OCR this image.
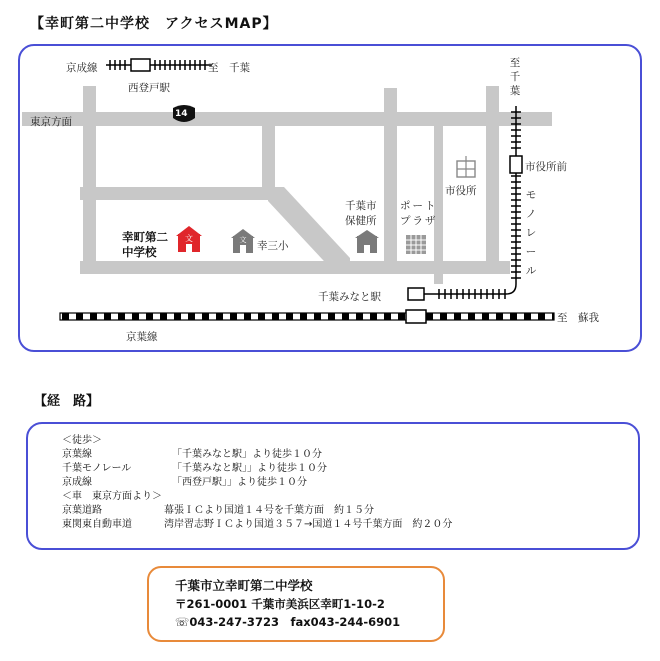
【幸町第二中学校　アクセスMAP】
文	文
京成線	至　千葉
西登戸駅
東京方面
14
至千葉
市役所前
モノレール
市役所
千葉市
保健所
ポート
プラザ
幸町第二
中学校	幸三小
千葉みなと駅
京葉線
至　蘇我
【経　路】
＜徒歩＞
京葉線	「千葉みなと駅」より徒歩１０分
千葉モノレール	「千葉みなと駅」」より徒歩１０分
京成線	「西登戸駅」」より徒歩１０分
＜車　東京方面より＞
京葉道路	幕張ＩＣより国道１４号を千葉方面　約１５分
東関東自動車道	湾岸習志野ＩＣより国道３５７→国道１４号千葉方面　約２０分
千葉市立幸町第二中学校
〒261-0001 千葉市美浜区幸町1-10-2
☏043-247-3723　fax043-244-6901
